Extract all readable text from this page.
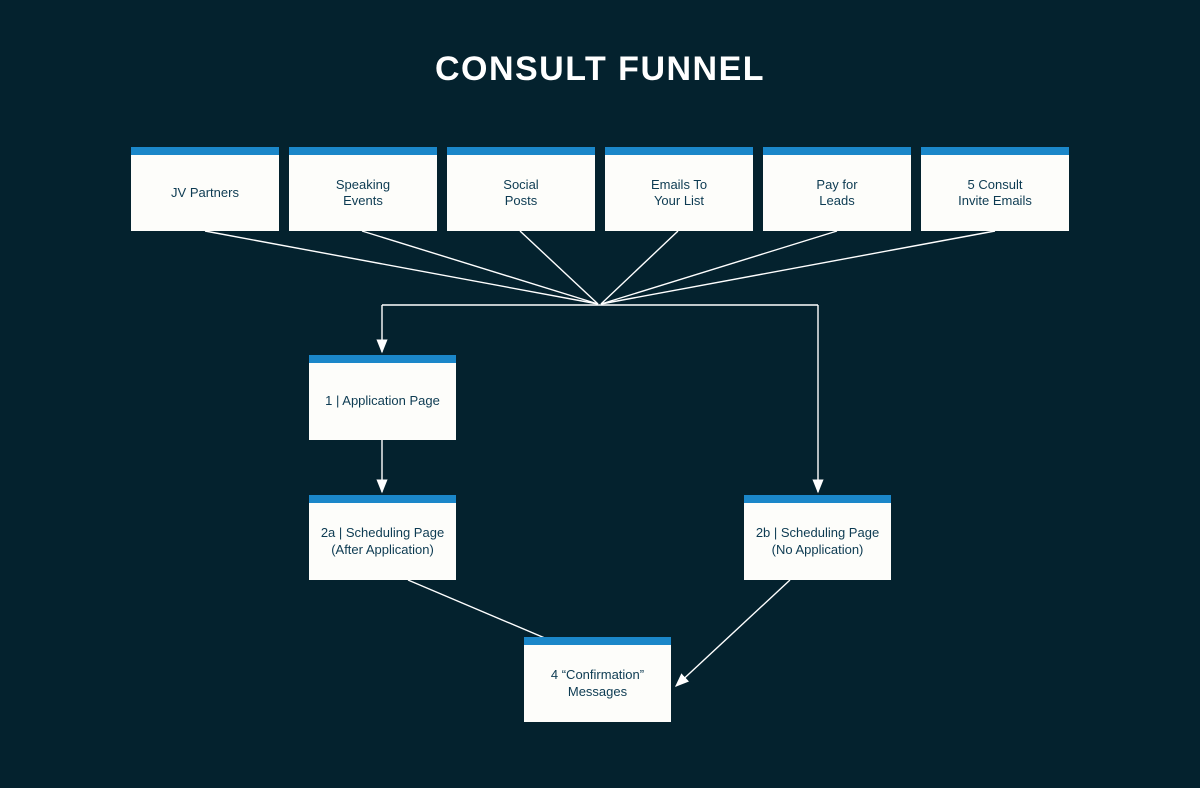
CONSULT FUNNEL
JV Partners
Speaking
Events
Social
Posts
Emails To
Your List
Pay for
Leads
5 Consult
Invite Emails
1 | Application Page
2a | Scheduling Page
(After Application)
2b | Scheduling Page
(No Application)
4 “Confirmation”
Messages
